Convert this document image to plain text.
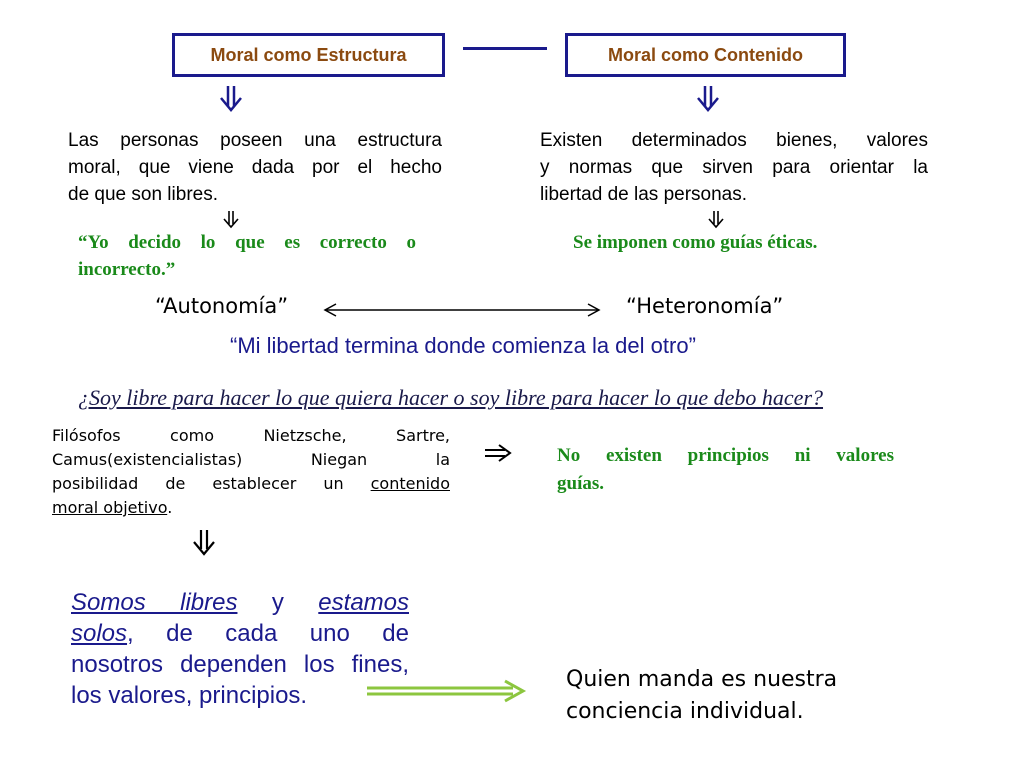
Moral como Estructura	Moral como Contenido
Las personas poseen una estructura
moral, que viene dada por el hecho
de que son libres.
Existen determinados bienes, valores
y normas que sirven para orientar la
libertad de las personas.
“Yo decido lo que es correcto o
incorrecto.”
Se imponen como guías éticas.
“Autonomía”	“Heteronomía”
“Mi libertad termina donde comienza la del otro”
¿Soy libre para hacer lo que quiera hacer o soy libre para hacer lo que debo hacer?
Filósofos como Nietzsche, Sartre,
Camus(existencialistas) Niegan la
posibilidad de establecer un contenido
moral objetivo.
No existen principios ni valores
guías.
Somos libres y estamos
solos, de cada uno de
nosotros dependen los fines,
los valores, principios.
Quien manda es nuestra
conciencia individual.
